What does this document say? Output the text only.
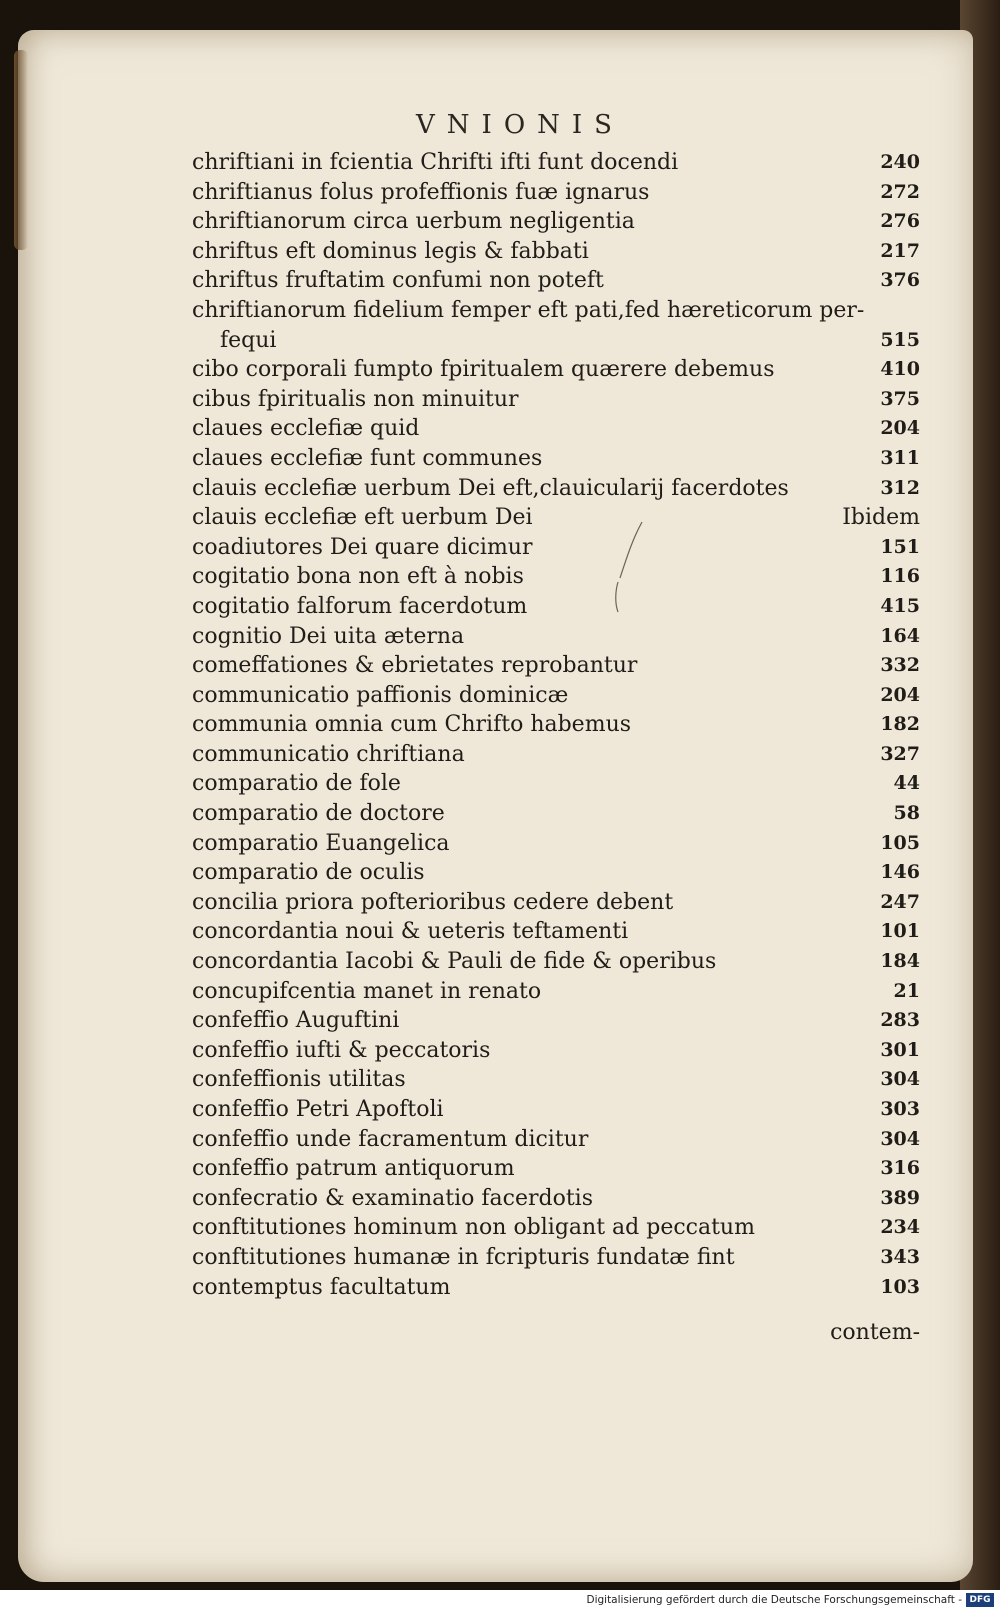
VNIONIS
chriftiani in fcientia Chrifti ifti funt docendi	240
chriftianus folus profeffionis fuæ ignarus	272
chriftianorum circa uerbum negligentia	276
chriftus eft dominus legis & fabbati	217
chriftus fruftatim confumi non poteft	376
chriftianorum fidelium femper eft pati,fed hæreticorum per-
fequi	515
cibo corporali fumpto fpiritualem quærere debemus	410
cibus fpiritualis non minuitur	375
claues ecclefiæ quid	204
claues ecclefiæ funt communes	311
clauis ecclefiæ uerbum Dei eft,clauicularij facerdotes	312
clauis ecclefiæ eft uerbum Dei	Ibidem
coadiutores Dei quare dicimur	151
cogitatio bona non eft à nobis	116
cogitatio falforum facerdotum	415
cognitio Dei uita æterna	164
comeffationes & ebrietates reprobantur	332
communicatio paffionis dominicæ	204
communia omnia cum Chrifto habemus	182
communicatio chriftiana	327
comparatio de fole	44
comparatio de doctore	58
comparatio Euangelica	105
comparatio de oculis	146
concilia priora pofterioribus cedere debent	247
concordantia noui & ueteris teftamenti	101
concordantia Iacobi & Pauli de fide & operibus	184
concupifcentia manet in renato	21
confeffio Auguftini	283
confeffio iufti & peccatoris	301
confeffionis utilitas	304
confeffio Petri Apoftoli	303
confeffio unde facramentum dicitur	304
confeffio patrum antiquorum	316
confecratio & examinatio facerdotis	389
conftitutiones hominum non obligant ad peccatum	234
conftitutiones humanæ in fcripturis fundatæ fint	343
contemptus facultatum	103
contem-
Digitalisierung gefördert durch die Deutsche Forschungsgemeinschaft - DFG
